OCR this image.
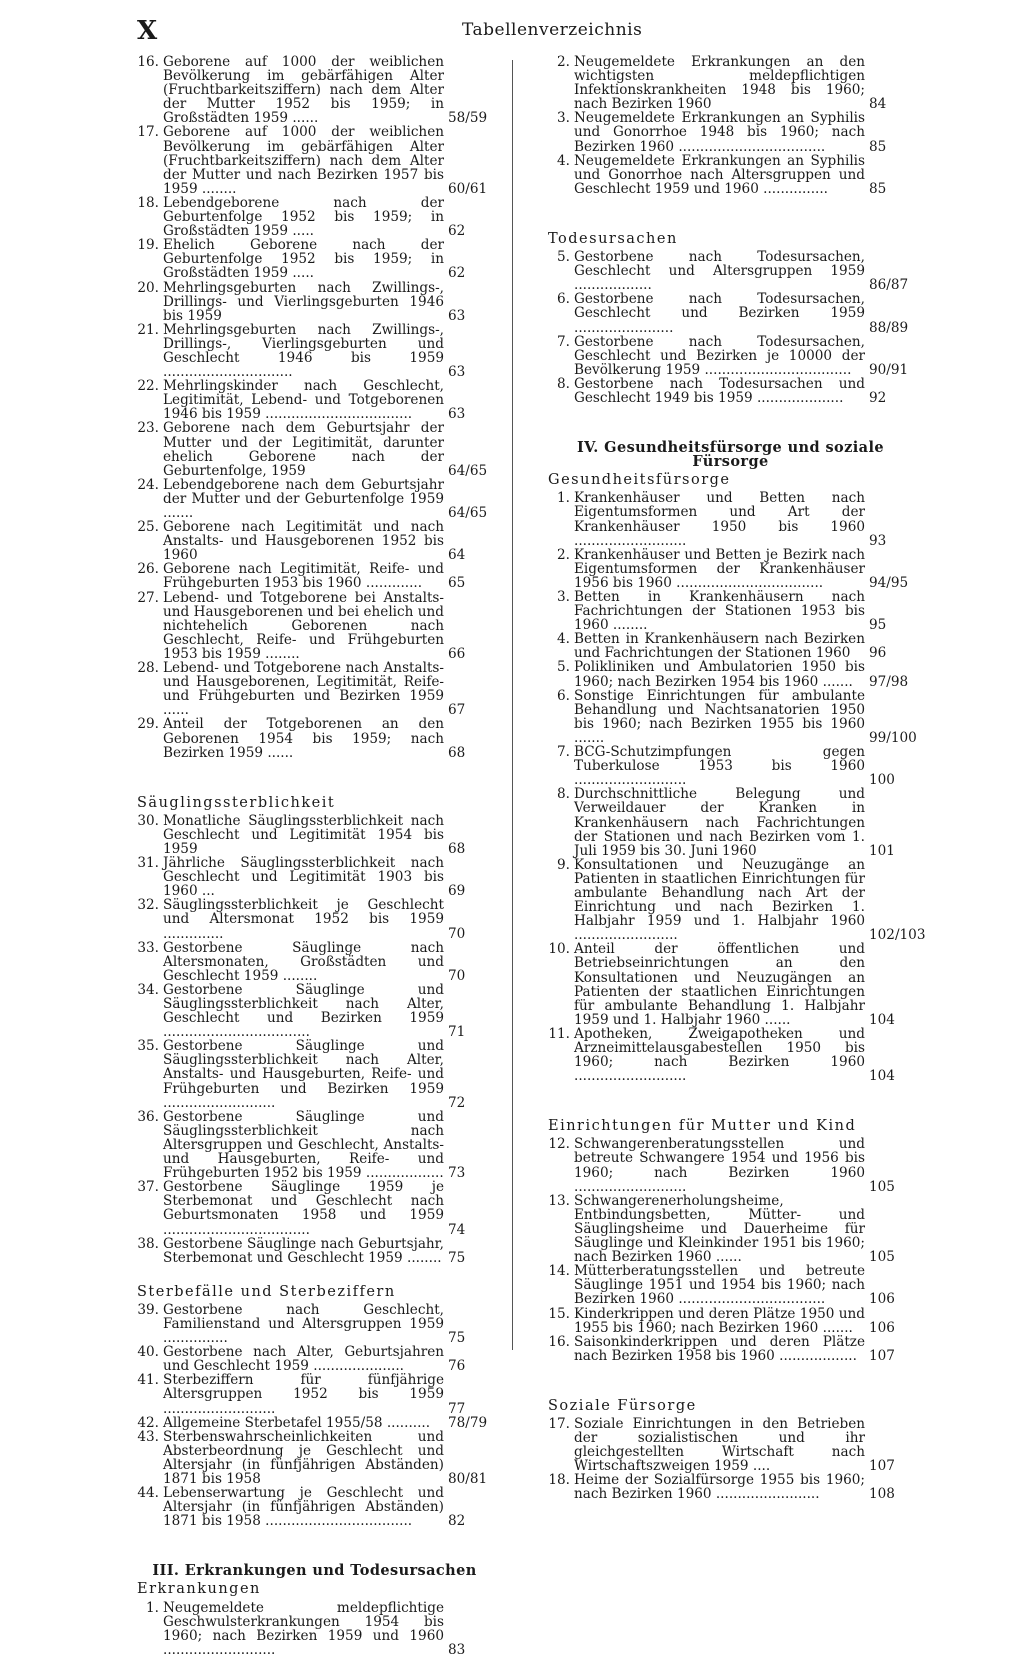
X	Tabellenverzeichnis
16. Geborene auf 1000 der weiblichen Bevölkerung im gebärfähigen Alter (Fruchtbarkeitsziffern) nach dem Alter der Mutter 1952 bis 1959; in Großstädten 1959 ......	58/59
17. Geborene auf 1000 der weiblichen Bevölkerung im gebärfähigen Alter (Fruchtbarkeitsziffern) nach dem Alter der Mutter und nach Bezirken 1957 bis 1959 ........	60/61
18. Lebendgeborene nach der Geburtenfolge 1952 bis 1959; in Großstädten 1959 .....	62
19. Ehelich Geborene nach der Geburtenfolge 1952 bis 1959; in Großstädten 1959 .....	62
20. Mehrlingsgeburten nach Zwillings-, Drillings- und Vierlingsgeburten 1946 bis 1959	63
21. Mehrlingsgeburten nach Zwillings-, Drillings-, Vierlingsgeburten und Geschlecht 1946 bis 1959 ..............................	63
22. Mehrlingskinder nach Geschlecht, Legitimität, Lebend- und Totgeborenen 1946 bis 1959 ..................................	63
23. Geborene nach dem Geburtsjahr der Mutter und der Legitimität, darunter ehelich Geborene nach der Geburtenfolge, 1959	64/65
24. Lebendgeborene nach dem Geburtsjahr der Mutter und der Geburtenfolge 1959 .......	64/65
25. Geborene nach Legitimität und nach Anstalts- und Hausgeborenen 1952 bis 1960	64
26. Geborene nach Legitimität, Reife- und Frühgeburten 1953 bis 1960 .............	65
27. Lebend- und Totgeborene bei Anstalts- und Hausgeborenen und bei ehelich und nichtehelich Geborenen nach Geschlecht, Reife- und Frühgeburten 1953 bis 1959 ........	66
28. Lebend- und Totgeborene nach Anstalts- und Hausgeborenen, Legitimität, Reife- und Frühgeburten und Bezirken 1959 ......	67
29. Anteil der Totgeborenen an den Geborenen 1954 bis 1959; nach Bezirken 1959 ......	68
Säuglingssterblichkeit
30. Monatliche Säuglingssterblichkeit nach Geschlecht und Legitimität 1954 bis 1959	68
31. Jährliche Säuglingssterblichkeit nach Geschlecht und Legitimität 1903 bis 1960 ...	69
32. Säuglingssterblichkeit je Geschlecht und Altersmonat 1952 bis 1959 ..............	70
33. Gestorbene Säuglinge nach Altersmonaten, Großstädten und Geschlecht 1959 ........	70
34. Gestorbene Säuglinge und Säuglingssterblichkeit nach Alter, Geschlecht und Bezirken 1959 ..................................	71
35. Gestorbene Säuglinge und Säuglingssterblichkeit nach Alter, Anstalts- und Hausgeburten, Reife- und Frühgeburten und Bezirken 1959 ..........................	72
36. Gestorbene Säuglinge und Säuglingssterblichkeit nach Altersgruppen und Geschlecht, Anstalts- und Hausgeburten, Reife- und Frühgeburten 1952 bis 1959 .................. 73
37. Gestorbene Säuglinge 1959 je Sterbemonat und Geschlecht nach Geburtsmonaten 1958 und 1959 ..................................	74
38. Gestorbene Säuglinge nach Geburtsjahr, Sterbemonat und Geschlecht 1959 ........ 75
Sterbefälle und Sterbeziffern
39. Gestorbene nach Geschlecht, Familienstand und Altersgruppen 1959 ...............	75
40. Gestorbene nach Alter, Geburtsjahren und Geschlecht 1959 .....................	76
41. Sterbeziffern für fünfjährige Altersgruppen 1952 bis 1959 ..........................	77
42. Allgemeine Sterbetafel 1955/58 ..........	78/79
43. Sterbenswahrscheinlichkeiten und Absterbeordnung je Geschlecht und Altersjahr (in fünfjährigen Abständen) 1871 bis 1958	80/81
44. Lebenserwartung je Geschlecht und Altersjahr (in fünfjährigen Abständen) 1871 bis 1958 ..................................	82
III. Erkrankungen und Todesursachen
Erkrankungen
1. Neugemeldete meldepflichtige Geschwulsterkrankungen 1954 bis 1960; nach Bezirken 1959 und 1960 ..........................	83
2. Neugemeldete Erkrankungen an den wichtigsten meldepflichtigen Infektionskrankheiten 1948 bis 1960; nach Bezirken 1960	84
3. Neugemeldete Erkrankungen an Syphilis und Gonorrhoe 1948 bis 1960; nach Bezirken 1960 ..................................	85
4. Neugemeldete Erkrankungen an Syphilis und Gonorrhoe nach Altersgruppen und Geschlecht 1959 und 1960 ...............	85
Todesursachen
5. Gestorbene nach Todesursachen, Geschlecht und Altersgruppen 1959 ..................	86/87
6. Gestorbene nach Todesursachen, Geschlecht und Bezirken 1959 .......................	88/89
7. Gestorbene nach Todesursachen, Geschlecht und Bezirken je 10000 der Bevölkerung 1959 ..................................	90/91
8. Gestorbene nach Todesursachen und Geschlecht 1949 bis 1959 ....................	92
IV. Gesundheitsfürsorge und soziale Fürsorge
Gesundheitsfürsorge
1. Krankenhäuser und Betten nach Eigentumsformen und Art der Krankenhäuser 1950 bis 1960 ..........................	93
2. Krankenhäuser und Betten je Bezirk nach Eigentumsformen der Krankenhäuser 1956 bis 1960 ..................................	94/95
3. Betten in Krankenhäusern nach Fachrichtungen der Stationen 1953 bis 1960 ........	95
4. Betten in Krankenhäusern nach Bezirken und Fachrichtungen der Stationen 1960	96
5. Polikliniken und Ambulatorien 1950 bis 1960; nach Bezirken 1954 bis 1960 .......	97/98
6. Sonstige Einrichtungen für ambulante Behandlung und Nachtsanatorien 1950 bis 1960; nach Bezirken 1955 bis 1960 .......	99/100
7. BCG-Schutzimpfungen gegen Tuberkulose 1953 bis 1960 ..........................	100
8. Durchschnittliche Belegung und Verweildauer der Kranken in Krankenhäusern nach Fachrichtungen der Stationen und nach Bezirken vom 1. Juli 1959 bis 30. Juni 1960	101
9. Konsultationen und Neuzugänge an Patienten in staatlichen Einrichtungen für ambulante Behandlung nach Art der Einrichtung und nach Bezirken 1. Halbjahr 1959 und 1. Halbjahr 1960 ........................	102/103
10. Anteil der öffentlichen und Betriebseinrichtungen an den Konsultationen und Neuzugängen an Patienten der staatlichen Einrichtungen für ambulante Behandlung 1. Halbjahr 1959 und 1. Halbjahr 1960 ......	104
11. Apotheken, Zweigapotheken und Arzneimittelausgabestellen 1950 bis 1960; nach Bezirken 1960 ..........................	104
Einrichtungen für Mutter und Kind
12. Schwangerenberatungsstellen und betreute Schwangere 1954 und 1956 bis 1960; nach Bezirken 1960 ..........................	105
13. Schwangerenerholungsheime, Entbindungsbetten, Mütter- und Säuglingsheime und Dauerheime für Säuglinge und Kleinkinder 1951 bis 1960; nach Bezirken 1960 ......	105
14. Mütterberatungsstellen und betreute Säuglinge 1951 und 1954 bis 1960; nach Bezirken 1960 ..................................	106
15. Kinderkrippen und deren Plätze 1950 und 1955 bis 1960; nach Bezirken 1960 .......	106
16. Saisonkinderkrippen und deren Plätze nach Bezirken 1958 bis 1960 .................. 107
Soziale Fürsorge
17. Soziale Einrichtungen in den Betrieben der sozialistischen und ihr gleichgestellten Wirtschaft nach Wirtschaftszweigen 1959 ....	107
18. Heime der Sozialfürsorge 1955 bis 1960; nach Bezirken 1960 ........................	108
